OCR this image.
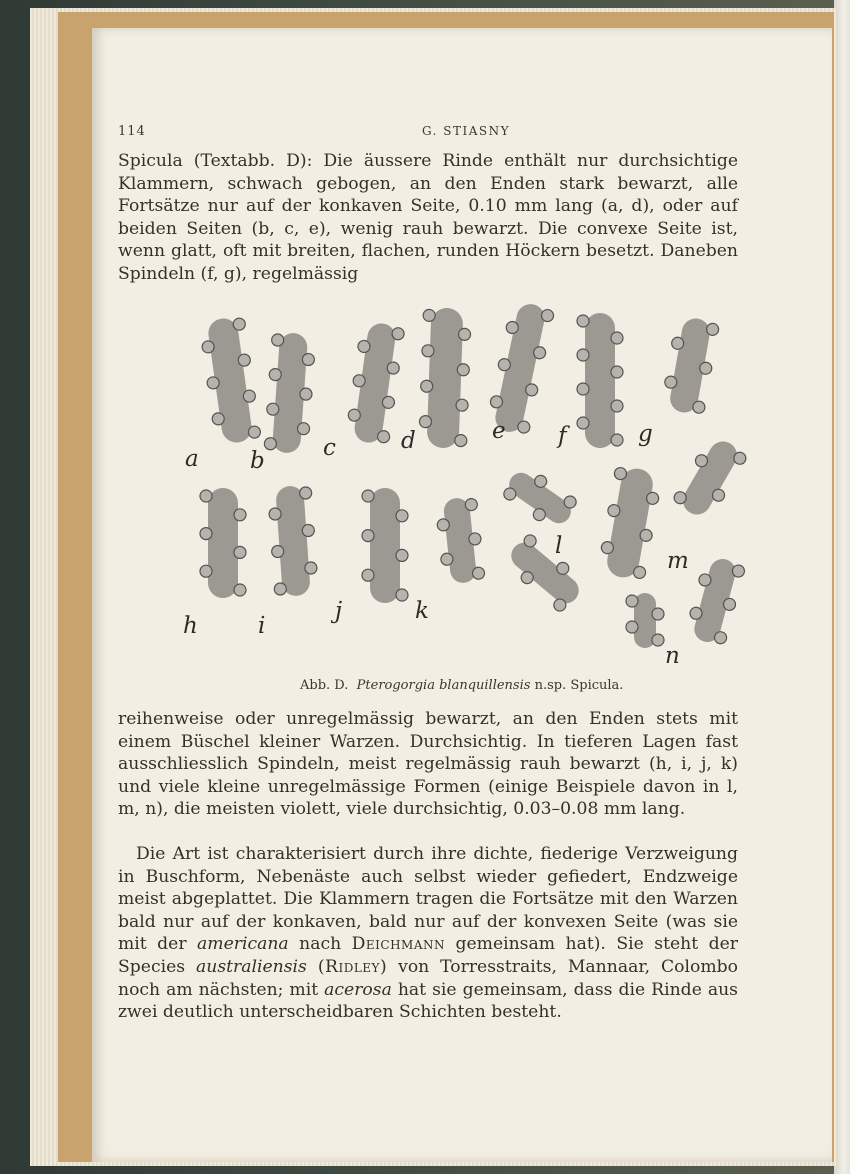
114	G. STIASNY

Spicula (Textabb. D): Die äussere Rinde enthält nur durchsichtige Klammern, schwach gebogen, an den Enden stark bewarzt, alle Fortsätze nur auf der konkaven Seite, 0.10 mm lang (a, d), oder auf beiden Seiten (b, c, e), wenig rauh bewarzt. Die convexe Seite ist, wenn glatt, oft mit breiten, flachen, runden Höckern besetzt. Daneben Spindeln (f, g), regelmässig

a b	c	d	e f	g
h	i
j	k
l
m
n
Abb. D. Pterogorgia blanquillensis n.sp. Spicula.

reihenweise oder unregelmässig bewarzt, an den Enden stets mit einem Büschel kleiner Warzen. Durchsichtig. In tieferen Lagen fast ausschliesslich Spindeln, meist regelmässig rauh bewarzt (h, i, j, k) und viele kleine unregelmässige Formen (einige Beispiele davon in l, m, n), die meisten violett, viele durchsichtig, 0.03–0.08 mm lang.

Die Art ist charakterisiert durch ihre dichte, fiederige Verzweigung in Buschform, Nebenäste auch selbst wieder gefiedert, Endzweige meist abgeplattet. Die Klammern tragen die Fortsätze mit den Warzen bald nur auf der konkaven, bald nur auf der konvexen Seite (was sie mit der americana nach Deichmann gemeinsam hat). Sie steht der Species australiensis (Ridley) von Torresstraits, Mannaar, Colombo noch am nächsten; mit acerosa hat sie gemeinsam, dass die Rinde aus zwei deutlich unterscheidbaren Schichten besteht.
